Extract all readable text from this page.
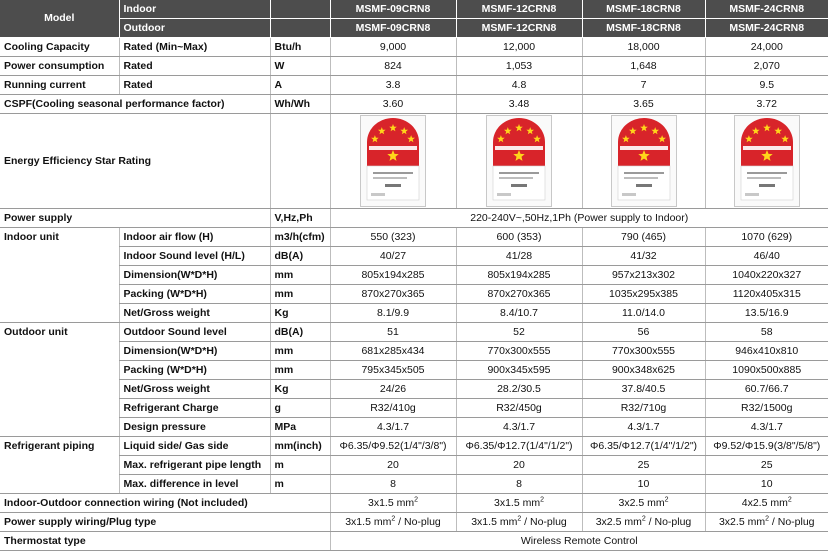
Model	Indoor		MSMF-09CRN8	MSMF-12CRN8	MSMF-18CRN8	MSMF-24CRN8
	Outdoor		MSMF-09CRN8	MSMF-12CRN8	MSMF-18CRN8	MSMF-24CRN8
Cooling Capacity	Rated (Min~Max)	Btu/h	9,000	12,000	18,000	24,000
Power consumption	Rated	W	824	1,053	1,648	2,070
Running current	Rated	A	3.8	4.8	7	9.5
CSPF(Cooling seasonal performance factor)		Wh/Wh	3.60	3.48	3.65	3.72
Energy Efficiency Star Rating		

Power supply		V,Hz,Ph	220-240V~,50Hz,1Ph (Power supply to Indoor)			
Indoor unit	Indoor air flow (H)	m3/h(cfm)	550 (323)	600 (353)	790 (465)	1070 (629)
	Indoor Sound level (H/L)	dB(A)	40/27	41/28	41/32	46/40
	Dimension(W*D*H)	mm	805x194x285	805x194x285	957x213x302	1040x220x327
	Packing (W*D*H)	mm	870x270x365	870x270x365	1035x295x385	1120x405x315
	Net/Gross weight	Kg	8.1/9.9	8.4/10.7	11.0/14.0	13.5/16.9
Outdoor unit	Outdoor Sound level	dB(A)	51	52	56	58
	Dimension(W*D*H)	mm	681x285x434	770x300x555	770x300x555	946x410x810
	Packing (W*D*H)	mm	795x345x505	900x345x595	900x348x625	1090x500x885
	Net/Gross weight	Kg	24/26	28.2/30.5	37.8/40.5	60.7/66.7
	Refrigerant Charge	g	R32/410g	R32/450g	R32/710g	R32/1500g
	Design pressure	MPa	4.3/1.7	4.3/1.7	4.3/1.7	4.3/1.7
Refrigerant piping	Liquid side/ Gas side	mm(inch)	Φ6.35/Φ9.52(1/4"/3/8")	Φ6.35/Φ12.7(1/4"/1/2")	Φ6.35/Φ12.7(1/4"/1/2")	Φ9.52/Φ15.9(3/8"/5/8")
	Max. refrigerant pipe length	m	20	20	25	25
	Max. difference in level	m	8	8	10	10
Indoor-Outdoor connection wiring (Not included)			3x1.5 $mm^2$	3x1.5 $mm^2$	3x2.5 $mm^2$	4x2.5 $mm^2$
Power supply wiring/Plug type			3x1.5 $mm^2$ / No-plug	3x1.5 $mm^2$ / No-plug	3x2.5 $mm^2$ / No-plug	3x2.5 $mm^2$ / No-plug
Thermostat type			Wireless Remote Control			
